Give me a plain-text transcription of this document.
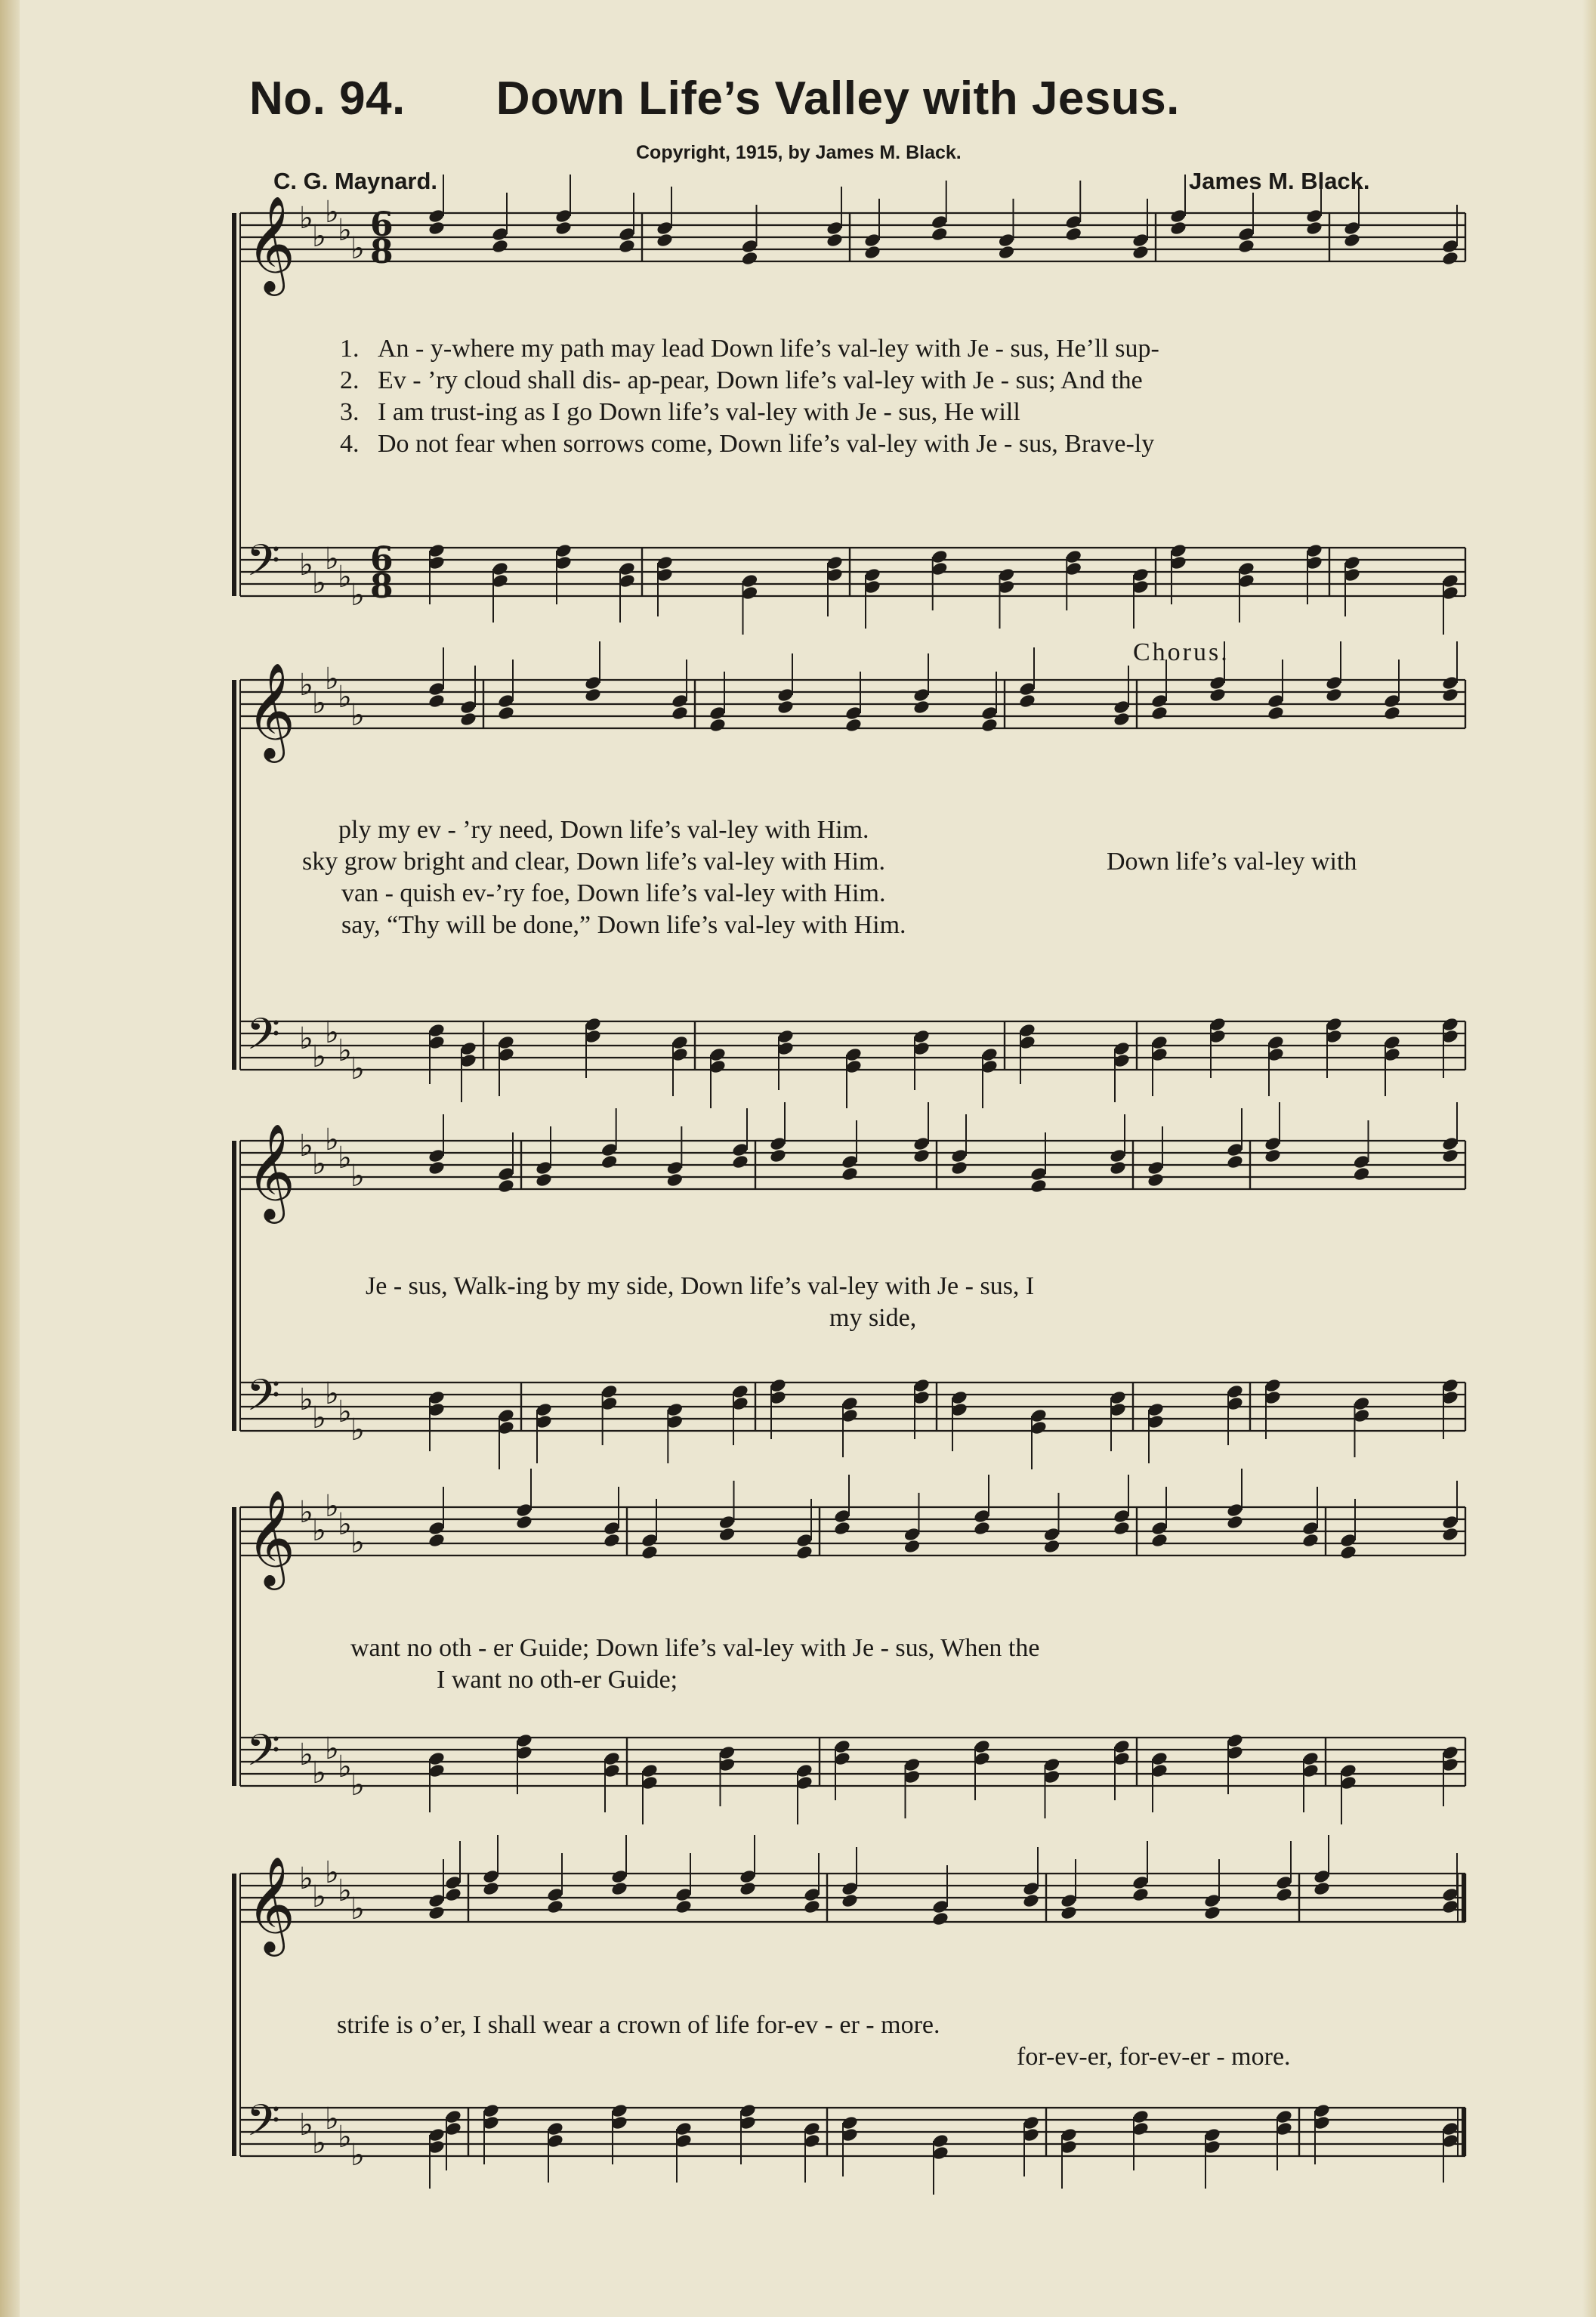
No. 94. Down Life’s Valley with Jesus.
Copyright, 1915, by James M. Black.
C. G. Maynard.	James M. Black.
Chorus.
𝄞 ♭
♭
♭
♭
♭
6
8
𝄢 ♭
♭
♭
♭
♭
6
8
𝄞 ♭
♭
♭
♭
♭
𝄢 ♭
♭
♭
♭
♭
𝄞 ♭
♭
♭
♭
♭
𝄢 ♭
♭
♭
♭
♭
𝄞 ♭
♭
♭
♭
♭
𝄢 ♭
♭
♭
♭
♭
𝄞 ♭
♭
♭
♭
♭
𝄢 ♭
♭
♭
♭
♭
1. An - y-where my path may lead Down life’s val-ley with Je - sus, He’ll sup-
2. Ev - ’ry cloud shall dis- ap-pear, Down life’s val-ley with Je - sus; And the
3. I am trust-ing as I go Down life’s val-ley with Je - sus, He will
4. Do not fear when sorrows come, Down life’s val-ley with Je - sus, Brave-ly
ply my ev - ’ry need, Down life’s val-ley with Him.
sky grow bright and clear, Down life’s val-ley with Him.	Down life’s val-ley with
van - quish ev-’ry foe, Down life’s val-ley with Him.
say, “Thy will be done,” Down life’s val-ley with Him.
Je - sus, Walk-ing by my side, Down life’s val-ley with Je - sus, I
my side,
want no oth - er Guide; Down life’s val-ley with Je - sus, When the
I want no oth-er Guide;
strife is o’er, I shall wear a crown of life for-ev - er - more.
for-ev-er, for-ev-er - more.
